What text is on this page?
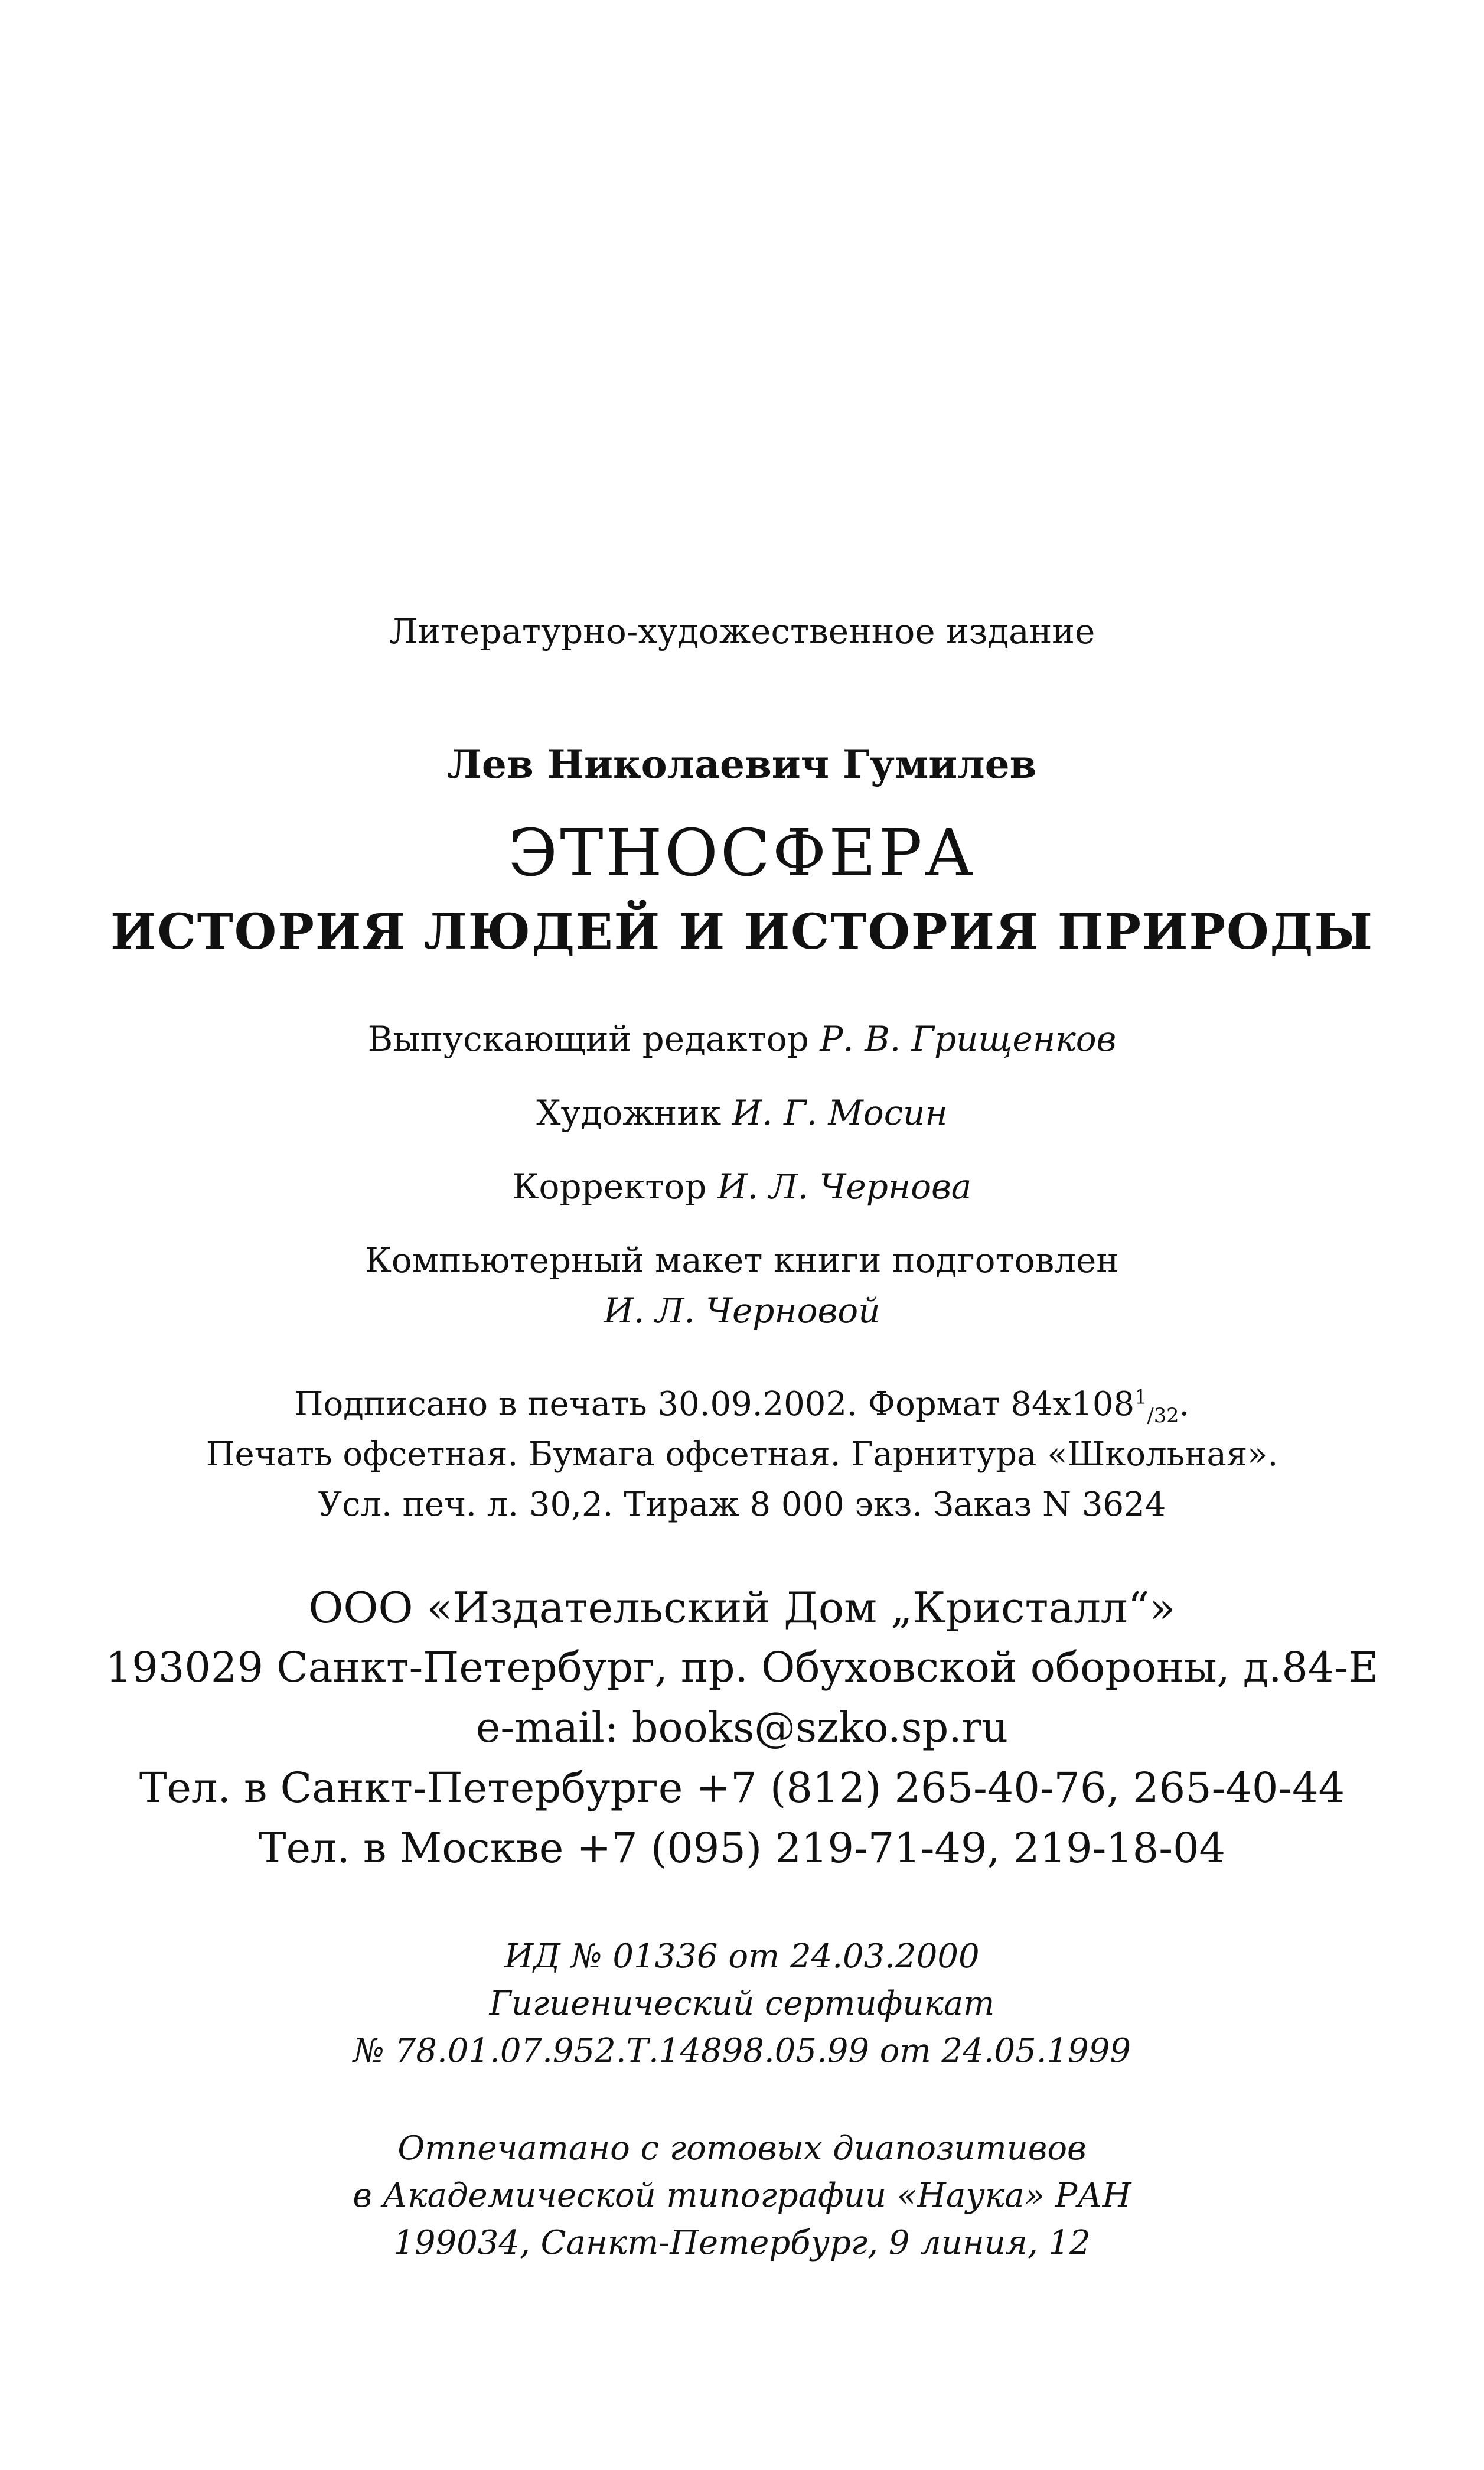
Литературно-художественное издание
Лев Николаевич Гумилев
ЭТНОСФЕРА
ИСТОРИЯ ЛЮДЕЙ И ИСТОРИЯ ПРИРОДЫ
Выпускающий редактор Р. В. Грищенков
Художник И. Г. Мосин
Корректор И. Л. Чернова
Компьютерный макет книги подготовлен
И. Л. Черновой
Подписано в печать 30.09.2002. Формат $84x108^1_{/32}$.
Печать офсетная. Бумага офсетная. Гарнитура «Школьная».
Усл. печ. л. 30,2. Тираж 8 000 экз. Заказ N 3624
ООО «Издательский Дом „Кристалл“»
193029 Санкт-Петербург, пр. Обуховской обороны, д.84-Е
e-mail: books@szko.sp.ru
Тел. в Санкт-Петербурге +7 (812) 265-40-76, 265-40-44
Тел. в Москве +7 (095) 219-71-49, 219-18-04
ИД № 01336 от 24.03.2000
Гигиенический сертификат
№ 78.01.07.952.Т.14898.05.99 от 24.05.1999
Отпечатано с готовых диапозитивов
в Академической типографии «Наука» РАН
199034, Санкт-Петербург, 9 линия, 12
